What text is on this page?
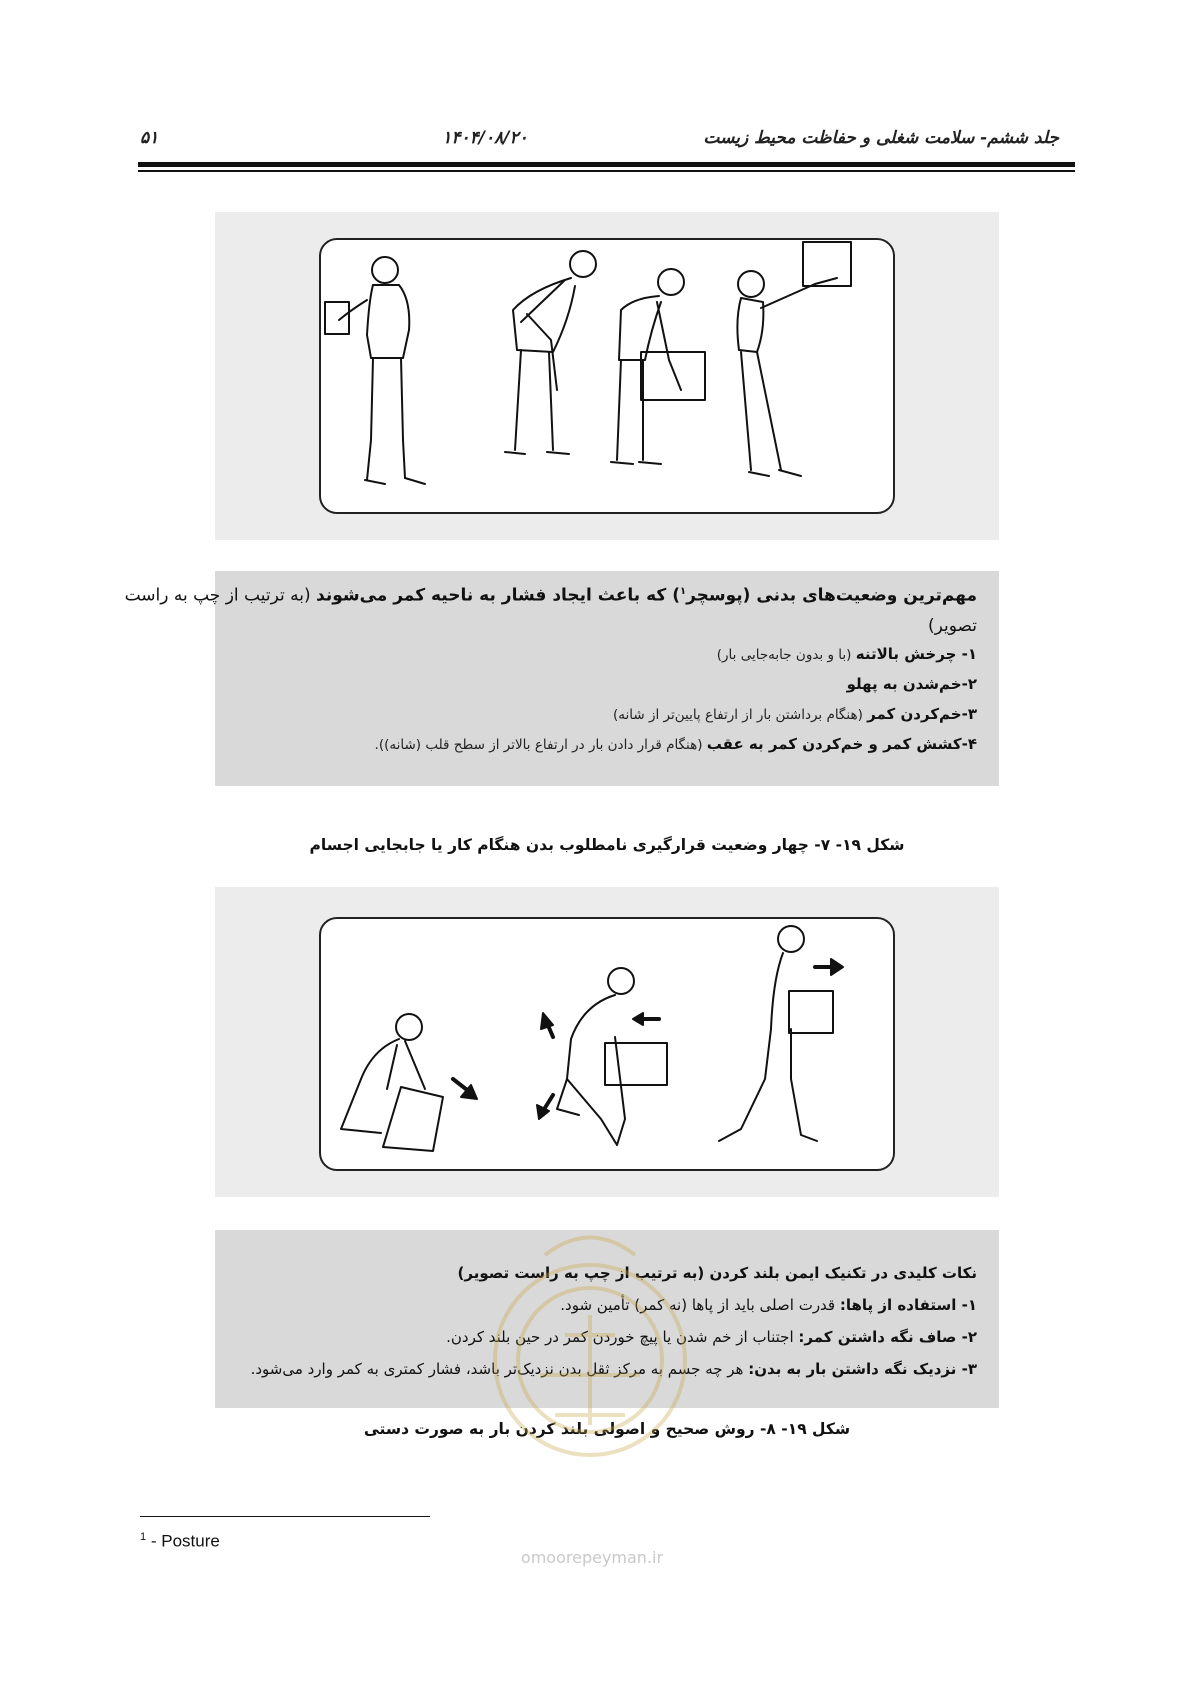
جلد ششم- سلامت شغلی و حفاظت محیط زیست
۱۴۰۴/۰۸/۲۰
۵۱
مهم‌ترین وضعیت‌های بدنی (پوسچر$^۱$) که باعث ایجاد فشار به ناحیه کمر می‌شوند (به ترتیب از چپ به راست
تصویر)
۱- چرخش بالاتنه (با و بدون جابه‌جایی بار)
۲-خم‌شدن به پهلو
۳-خم‌کردن کمر (هنگام برداشتن بار از ارتفاع پایین‌تر از شانه)
۴-کشش کمر و خم‌کردن کمر به عقب (هنگام قرار دادن بار در ارتفاع بالاتر از سطح قلب (شانه)).
شکل ۱۹- ۷- چهار وضعیت قرارگیری نامطلوب بدن هنگام کار یا جابجایی اجسام
نکات کلیدی در تکنیک ایمن بلند کردن (به ترتیب از چپ به راست تصویر)
۱- استفاده از پاها: قدرت اصلی باید از پاها (نه کمر) تأمین شود.
۲- صاف نگه داشتن کمر: اجتناب از خم شدن یا پیچ خوردن کمر در حین بلند کردن.
۳- نزدیک نگه داشتن بار به بدن: هر چه جسم به مرکز ثقل بدن نزدیک‌تر باشد، فشار کمتری به کمر وارد می‌شود.
شکل ۱۹- ۸- روش صحیح و اصولی بلند کردن بار به صورت دستی
omoorepeyman.ir
$^1$ - Posture
